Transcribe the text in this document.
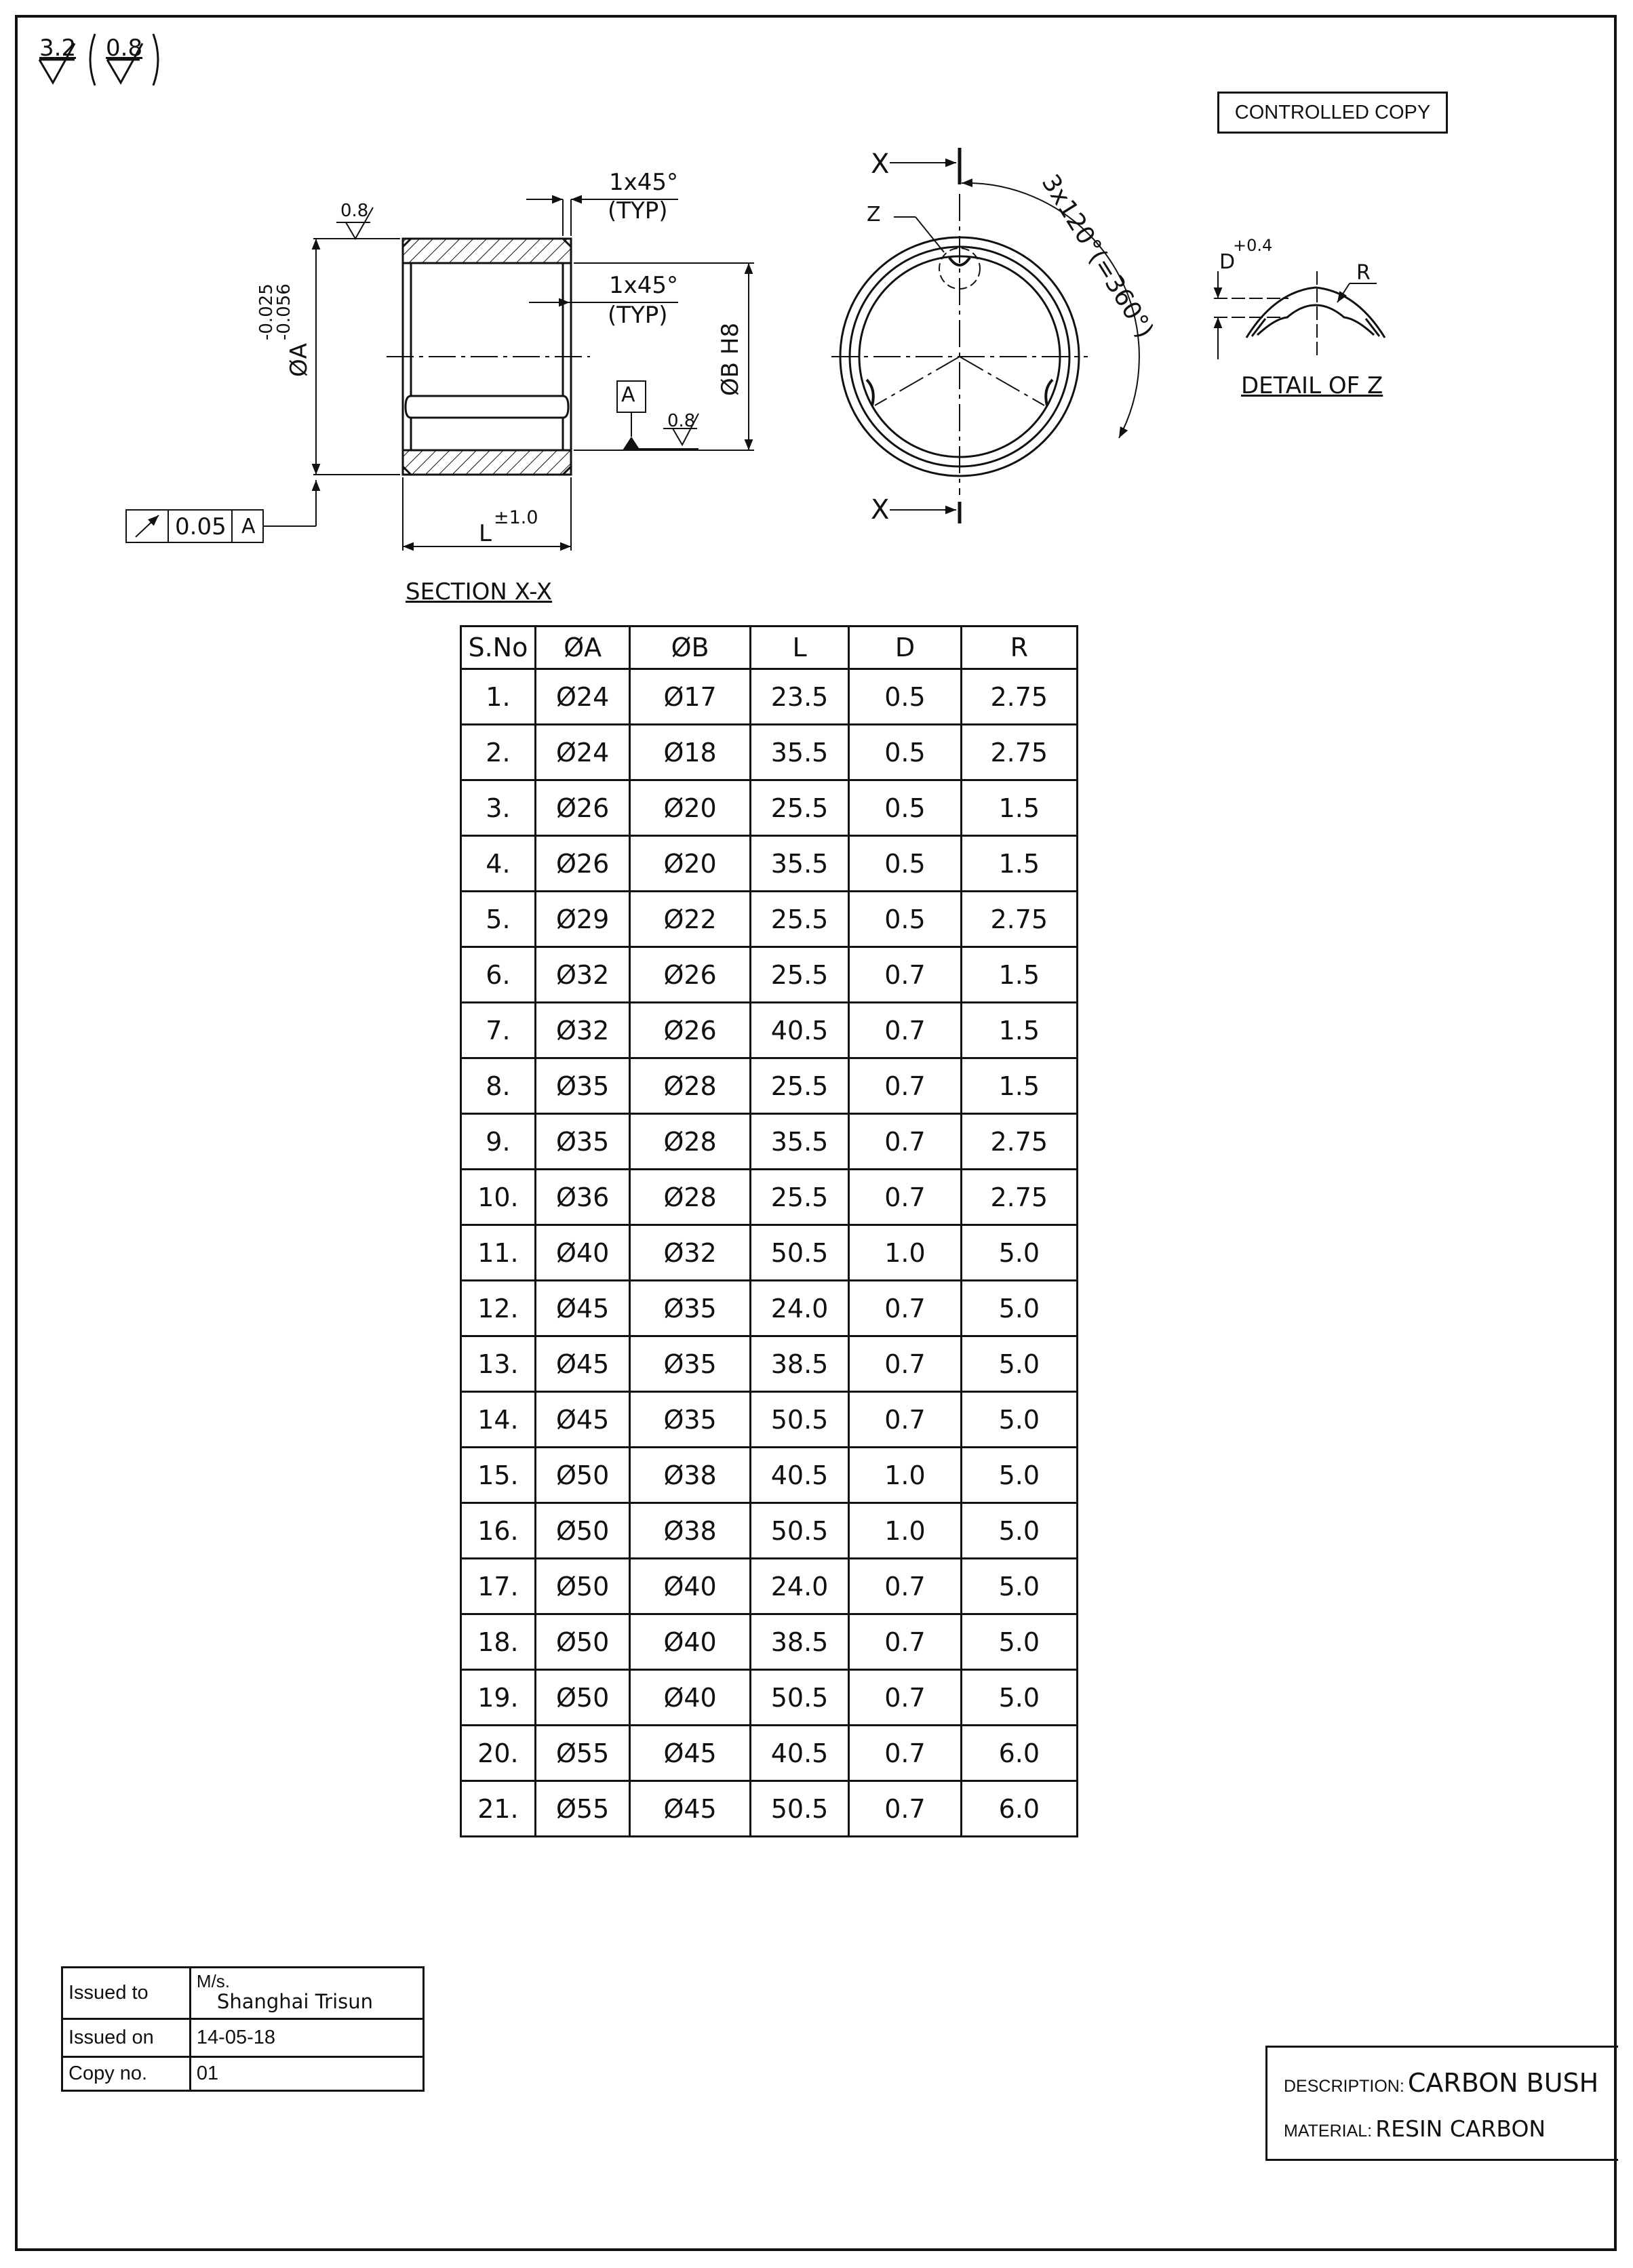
3.2 0.8
CONTROLLED COPY
1x45°
(TYP)
1x45°
(TYP)
0.8
0.8
A
-0.025
-0.056
ØA	ØB H8
L
±1.0
0.05 A
SECTION X-X
X
X
Z	3x120°(=360°)	D
+0.4
R
DETAIL OF Z
S.No	ØA	ØB	L	D	R
1.	Ø24	Ø17	23.5	0.5	2.75
2.	Ø24	Ø18	35.5	0.5	2.75
3.	Ø26	Ø20	25.5	0.5	1.5
4.	Ø26	Ø20	35.5	0.5	1.5
5.	Ø29	Ø22	25.5	0.5	2.75
6.	Ø32	Ø26	25.5	0.7	1.5
7.	Ø32	Ø26	40.5	0.7	1.5
8.	Ø35	Ø28	25.5	0.7	1.5
9.	Ø35	Ø28	35.5	0.7	2.75
10.	Ø36	Ø28	25.5	0.7	2.75
11.	Ø40	Ø32	50.5	1.0	5.0
12.	Ø45	Ø35	24.0	0.7	5.0
13.	Ø45	Ø35	38.5	0.7	5.0
14.	Ø45	Ø35	50.5	0.7	5.0
15.	Ø50	Ø38	40.5	1.0	5.0
16.	Ø50	Ø38	50.5	1.0	5.0
17.	Ø50	Ø40	24.0	0.7	5.0
18.	Ø50	Ø40	38.5	0.7	5.0
19.	Ø50	Ø40	50.5	0.7	5.0
20.	Ø55	Ø45	40.5	0.7	6.0
21.	Ø55	Ø45	50.5	0.7	6.0
Issued to	M/s.
Shanghai Trisun

Issued on	14-05-18
Copy no.	01
DESCRIPTION: CARBON BUSH
MATERIAL: RESIN CARBON
